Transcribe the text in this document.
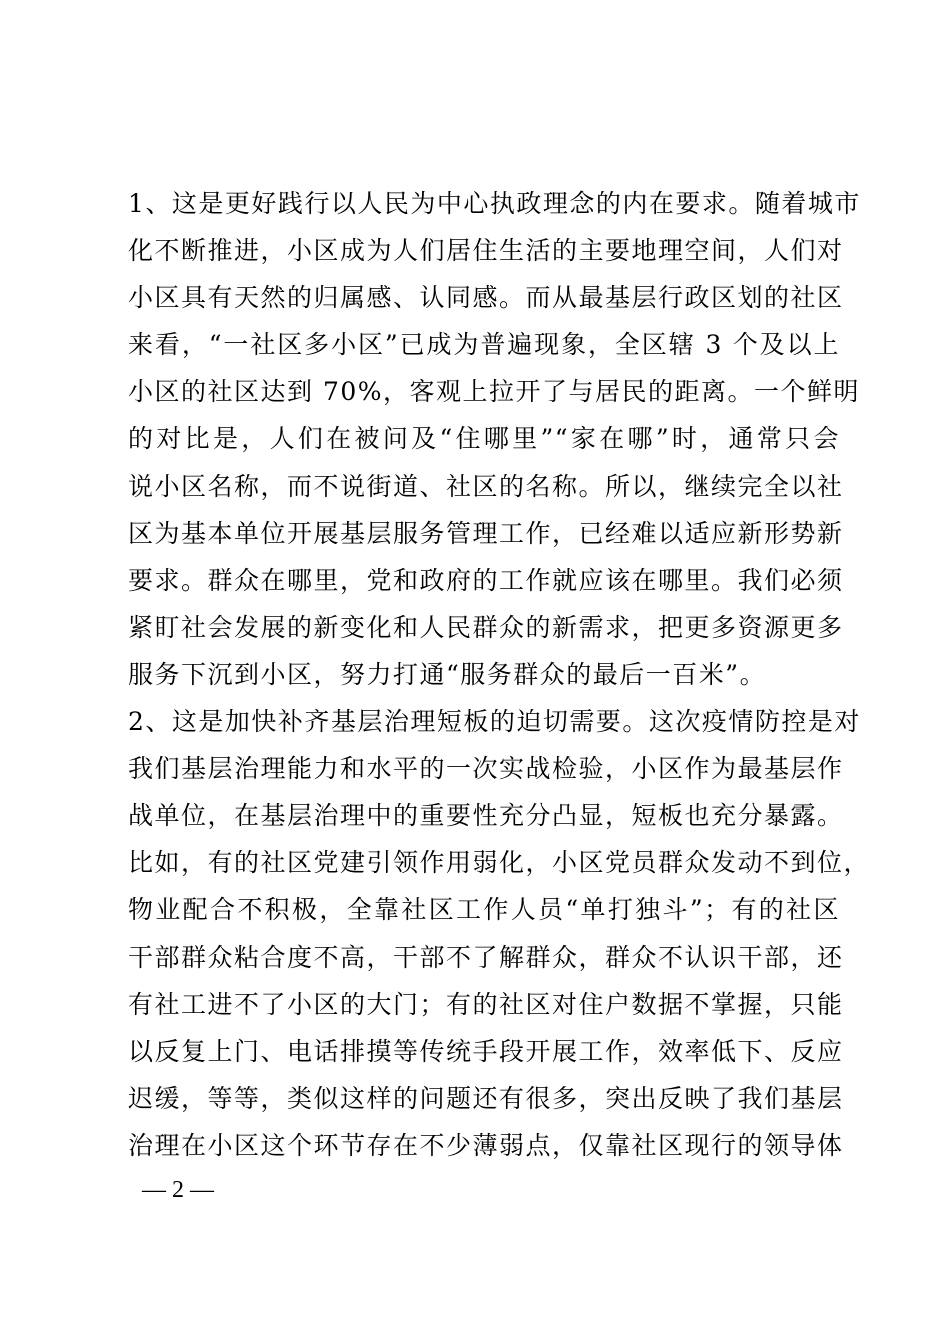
1、这是更好践行以人民为中心执政理念的内在要求。随着城市
化不断推进，小区成为人们居住生活的主要地理空间，人们对
小区具有天然的归属感、认同感。而从最基层行政区划的社区
来看，“一社区多小区”已成为普遍现象，全区辖 3 个及以上
小区的社区达到 70%，客观上拉开了与居民的距离。一个鲜明
的对比是，人们在被问及“住哪里”“家在哪”时，通常只会
说小区名称，而不说街道、社区的名称。所以，继续完全以社
区为基本单位开展基层服务管理工作，已经难以适应新形势新
要求。群众在哪里，党和政府的工作就应该在哪里。我们必须
紧盯社会发展的新变化和人民群众的新需求，把更多资源更多
服务下沉到小区，努力打通“服务群众的最后一百米”。
2、这是加快补齐基层治理短板的迫切需要。这次疫情防控是对
我们基层治理能力和水平的一次实战检验，小区作为最基层作
战单位，在基层治理中的重要性充分凸显，短板也充分暴露。
比如，有的社区党建引领作用弱化，小区党员群众发动不到位，
物业配合不积极，全靠社区工作人员“单打独斗”；有的社区
干部群众粘合度不高，干部不了解群众，群众不认识干部，还
有社工进不了小区的大门；有的社区对住户数据不掌握，只能
以反复上门、电话排摸等传统手段开展工作，效率低下、反应
迟缓，等等，类似这样的问题还有很多，突出反映了我们基层
治理在小区这个环节存在不少薄弱点，仅靠社区现行的领导体
— 2 —
